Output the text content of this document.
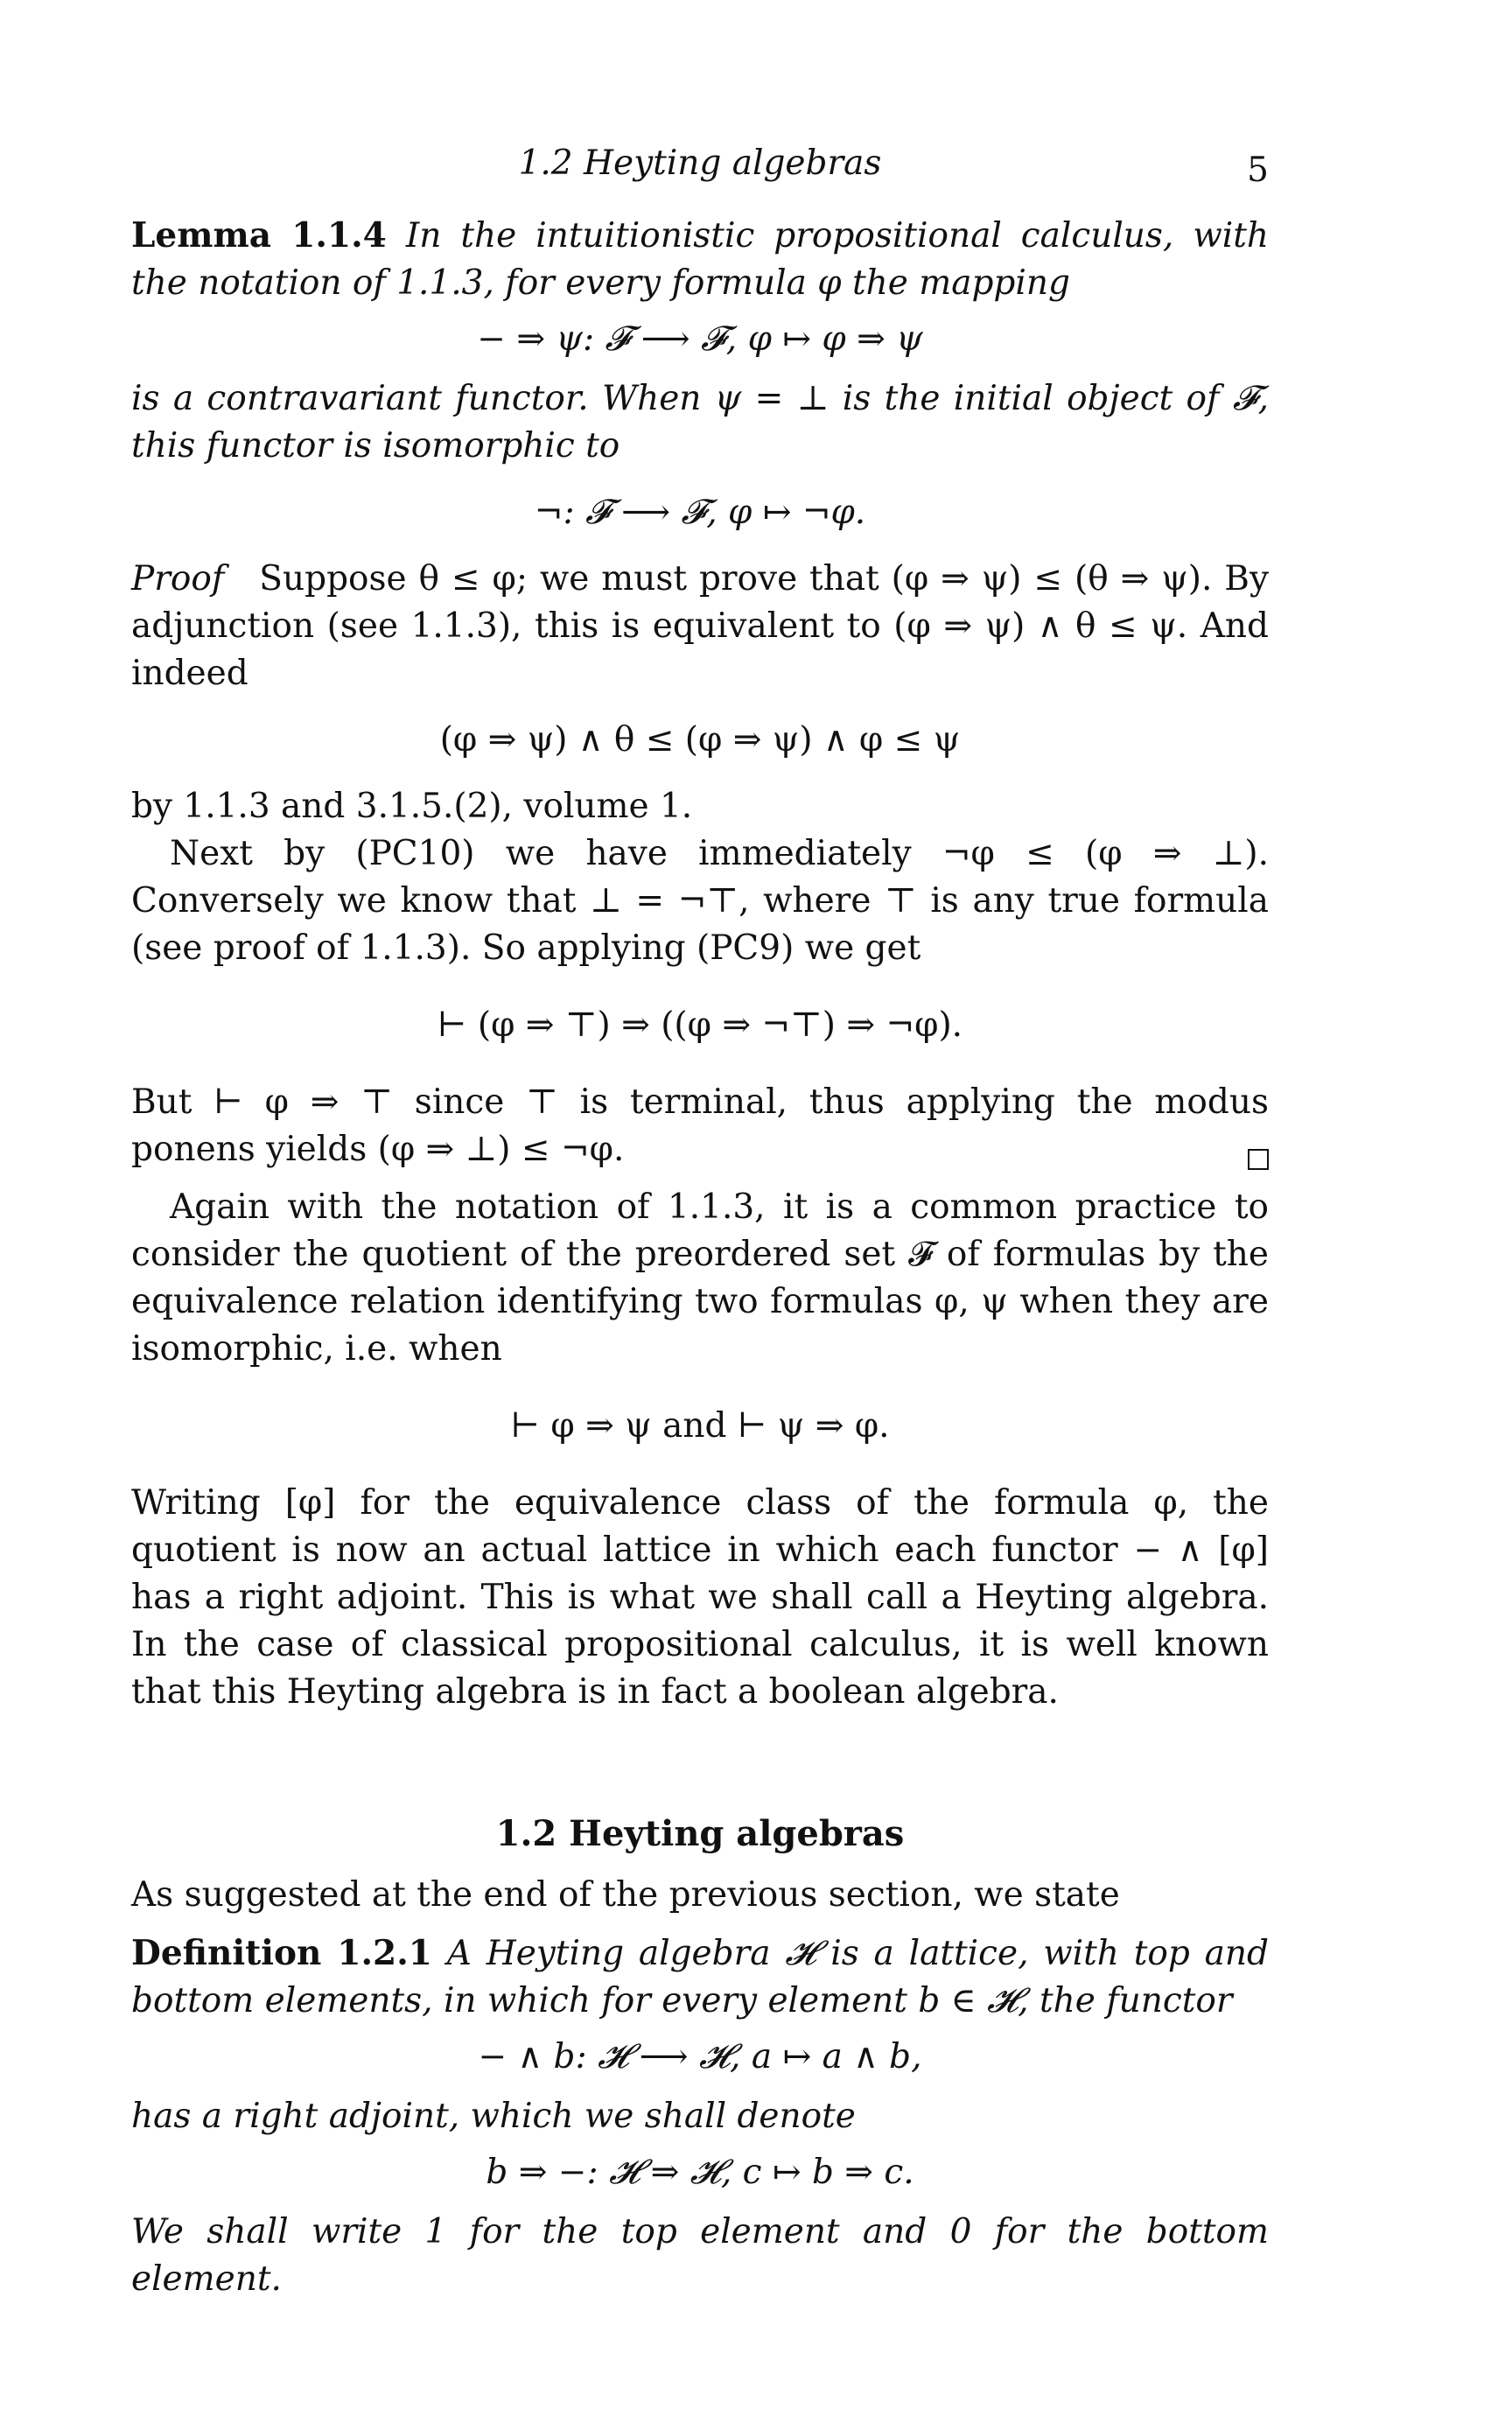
1.2 Heyting algebras	5

Lemma 1.1.4 In the intuitionistic propositional calculus, with the notation of 1.1.3, for every formula φ the mapping

− ⇒ ψ: 𝓕 ⟶ 𝓕, φ ↦ φ ⇒ ψ

is a contravariant functor. When ψ = ⊥ is the initial object of 𝓕, this functor is isomorphic to

¬: 𝓕 ⟶ 𝓕, φ ↦ ¬φ.

Proof Suppose θ ≤ φ; we must prove that (φ ⇒ ψ) ≤ (θ ⇒ ψ). By adjunction (see 1.1.3), this is equivalent to (φ ⇒ ψ) ∧ θ ≤ ψ. And indeed

(φ ⇒ ψ) ∧ θ ≤ (φ ⇒ ψ) ∧ φ ≤ ψ

by 1.1.3 and 3.1.5.(2), volume 1.

Next by (PC10) we have immediately ¬φ ≤ (φ ⇒ ⊥). Conversely we know that ⊥ = ¬⊤, where ⊤ is any true formula (see proof of 1.1.3). So applying (PC9) we get

⊢ (φ ⇒ ⊤) ⇒ ((φ ⇒ ¬⊤) ⇒ ¬φ).

But ⊢ φ ⇒ ⊤ since ⊤ is terminal, thus applying the modus ponens yields (φ ⇒ ⊥) ≤ ¬φ.

Again with the notation of 1.1.3, it is a common practice to consider the quotient of the preordered set 𝓕 of formulas by the equivalence relation identifying two formulas φ, ψ when they are isomorphic, i.e. when

⊢ φ ⇒ ψ and ⊢ ψ ⇒ φ.

Writing [φ] for the equivalence class of the formula φ, the quotient is now an actual lattice in which each functor − ∧ [φ] has a right adjoint. This is what we shall call a Heyting algebra. In the case of classical propositional calculus, it is well known that this Heyting algebra is in fact a boolean algebra.

1.2 Heyting algebras

As suggested at the end of the previous section, we state

Definition 1.2.1 A Heyting algebra 𝓗 is a lattice, with top and bottom elements, in which for every element b ∈ 𝓗, the functor

− ∧ b: 𝓗 ⟶ 𝓗, a ↦ a ∧ b,

has a right adjoint, which we shall denote

b ⇒ −: 𝓗 ⇒ 𝓗, c ↦ b ⇒ c.

We shall write 1 for the top element and 0 for the bottom element.
